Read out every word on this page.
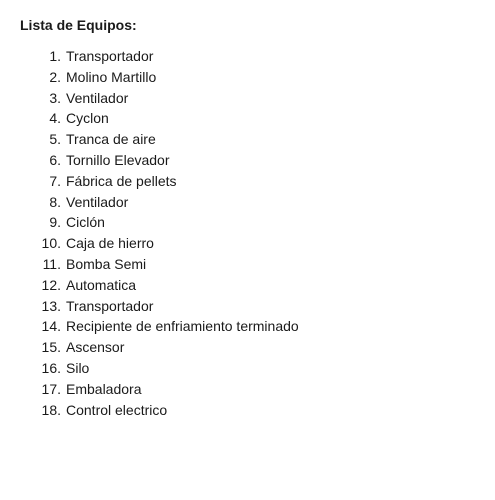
Lista de Equipos:
1. Transportador
2. Molino Martillo
3. Ventilador
4. Cyclon
5. Tranca de aire
6. Tornillo Elevador
7. Fábrica de pellets
8. Ventilador
9. Ciclón
10. Caja de hierro
11. Bomba Semi
12. Automatica
13. Transportador
14. Recipiente de enfriamiento terminado
15. Ascensor
16. Silo
17. Embaladora
18. Control electrico
